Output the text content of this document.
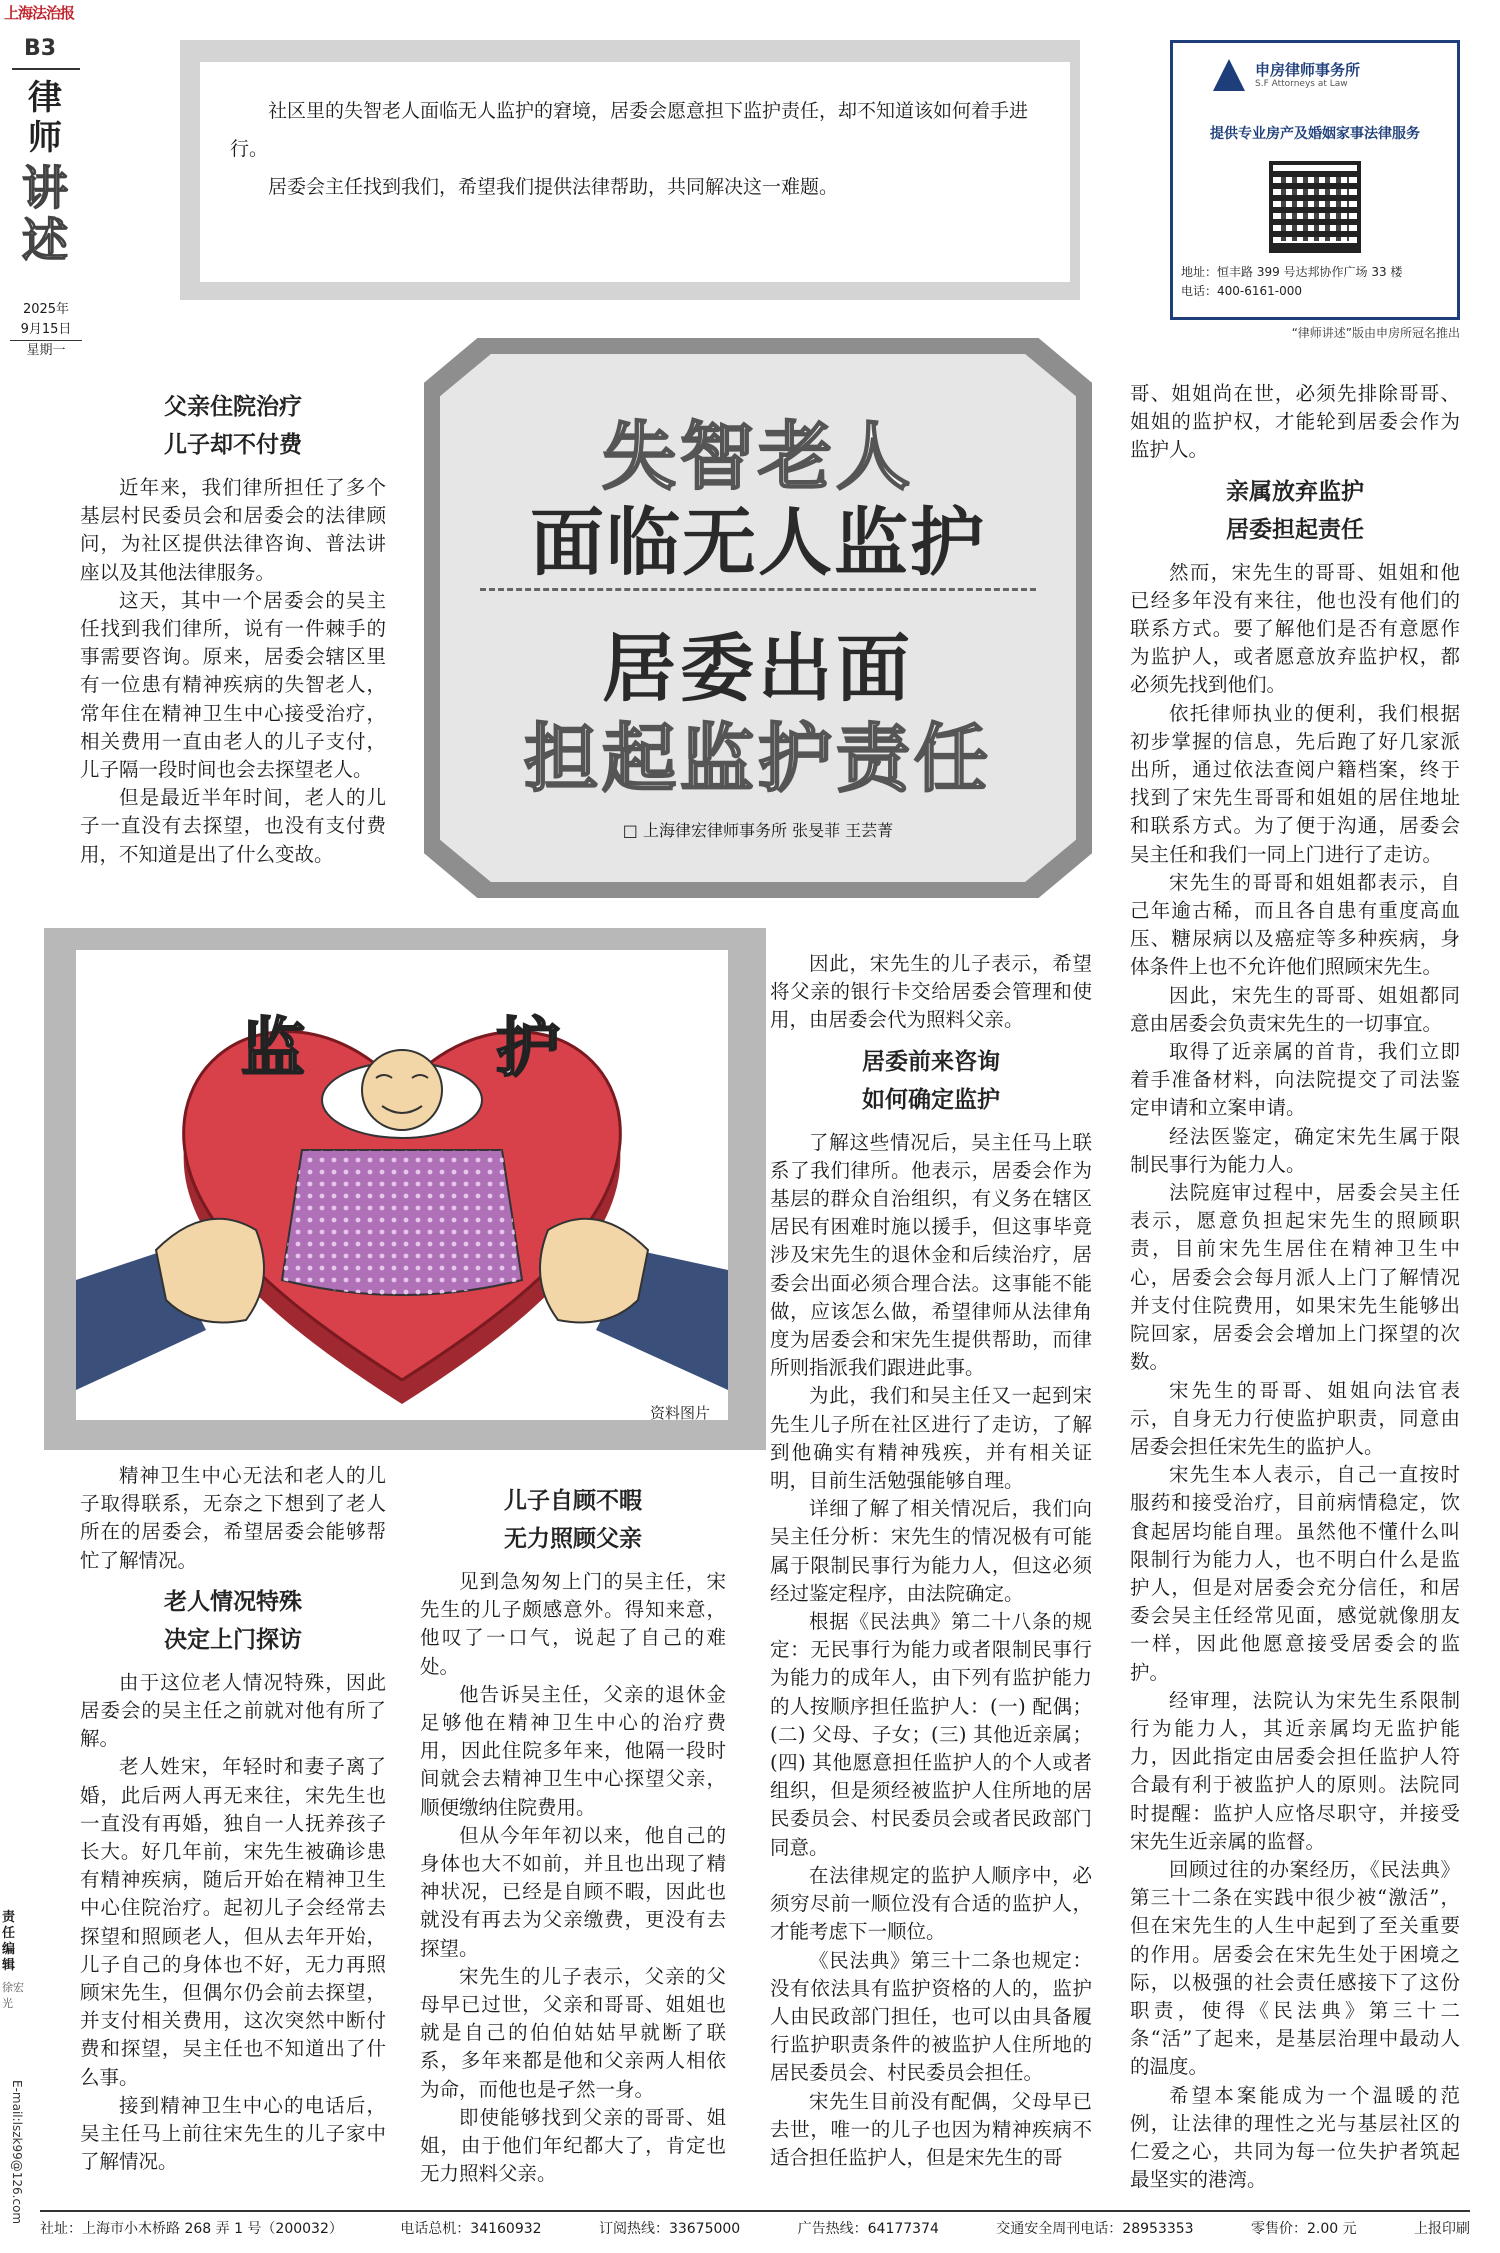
上海法治报
B3
律师
讲述
2025年
9月15日
星期一
责任编辑
徐宏光
E-mail:lszk99@126.com

社区里的失智老人面临无人监护的窘境，居委会愿意担下监护责任，却不知道该如何着手进行。

居委会主任找到我们，希望我们提供法律帮助，共同解决这一难题。

申房律师事务所
S.F Attorneys at Law
提供专业房产及婚姻家事法律服务
地址：恒丰路 399 号达邦协作广场 33 楼
电话：400-6161-000
“律师讲述”版由申房所冠名推出
失智老人
面临无人监护
居委出面
担起监护责任
□ 上海律宏律师事务所 张旻菲 王芸菁
监	护
资料图片
父亲住院治疗
儿子却不付费

近年来，我们律所担任了多个基层村民委员会和居委会的法律顾问，为社区提供法律咨询、普法讲座以及其他法律服务。

这天，其中一个居委会的吴主任找到我们律所，说有一件棘手的事需要咨询。原来，居委会辖区里有一位患有精神疾病的失智老人，常年住在精神卫生中心接受治疗，相关费用一直由老人的儿子支付，儿子隔一段时间也会去探望老人。

但是最近半年时间，老人的儿子一直没有去探望，也没有支付费用，不知道是出了什么变故。

精神卫生中心无法和老人的儿子取得联系，无奈之下想到了老人所在的居委会，希望居委会能够帮忙了解情况。

老人情况特殊
决定上门探访

由于这位老人情况特殊，因此居委会的吴主任之前就对他有所了解。

老人姓宋，年轻时和妻子离了婚，此后两人再无来往，宋先生也一直没有再婚，独自一人抚养孩子长大。好几年前，宋先生被确诊患有精神疾病，随后开始在精神卫生中心住院治疗。起初儿子会经常去探望和照顾老人，但从去年开始，儿子自己的身体也不好，无力再照顾宋先生，但偶尔仍会前去探望，并支付相关费用，这次突然中断付费和探望，吴主任也不知道出了什么事。

接到精神卫生中心的电话后，吴主任马上前往宋先生的儿子家中了解情况。

儿子自顾不暇
无力照顾父亲

见到急匆匆上门的吴主任，宋先生的儿子颇感意外。得知来意，他叹了一口气，说起了自己的难处。

他告诉吴主任，父亲的退休金足够他在精神卫生中心的治疗费用，因此住院多年来，他隔一段时间就会去精神卫生中心探望父亲，顺便缴纳住院费用。

但从今年年初以来，他自己的身体也大不如前，并且也出现了精神状况，已经是自顾不暇，因此也就没有再去为父亲缴费，更没有去探望。

宋先生的儿子表示，父亲的父母早已过世，父亲和哥哥、姐姐也就是自己的伯伯姑姑早就断了联系，多年来都是他和父亲两人相依为命，而他也是孑然一身。

即使能够找到父亲的哥哥、姐姐，由于他们年纪都大了，肯定也无力照料父亲。

因此，宋先生的儿子表示，希望将父亲的银行卡交给居委会管理和使用，由居委会代为照料父亲。

居委前来咨询
如何确定监护

了解这些情况后，吴主任马上联系了我们律所。他表示，居委会作为基层的群众自治组织，有义务在辖区居民有困难时施以援手，但这事毕竟涉及宋先生的退休金和后续治疗，居委会出面必须合理合法。这事能不能做，应该怎么做，希望律师从法律角度为居委会和宋先生提供帮助，而律所则指派我们跟进此事。

为此，我们和吴主任又一起到宋先生儿子所在社区进行了走访，了解到他确实有精神残疾，并有相关证明，目前生活勉强能够自理。

详细了解了相关情况后，我们向吴主任分析：宋先生的情况极有可能属于限制民事行为能力人，但这必须经过鉴定程序，由法院确定。

根据《民法典》第二十八条的规定：无民事行为能力或者限制民事行为能力的成年人，由下列有监护能力的人按顺序担任监护人：(一) 配偶；(二) 父母、子女；(三) 其他近亲属；(四) 其他愿意担任监护人的个人或者组织，但是须经被监护人住所地的居民委员会、村民委员会或者民政部门同意。

在法律规定的监护人顺序中，必须穷尽前一顺位没有合适的监护人，才能考虑下一顺位。

《民法典》第三十二条也规定：没有依法具有监护资格的人的，监护人由民政部门担任，也可以由具备履行监护职责条件的被监护人住所地的居民委员会、村民委员会担任。

宋先生目前没有配偶，父母早已去世，唯一的儿子也因为精神疾病不适合担任监护人，但是宋先生的哥

哥、姐姐尚在世，必须先排除哥哥、姐姐的监护权，才能轮到居委会作为监护人。

亲属放弃监护
居委担起责任

然而，宋先生的哥哥、姐姐和他已经多年没有来往，他也没有他们的联系方式。要了解他们是否有意愿作为监护人，或者愿意放弃监护权，都必须先找到他们。

依托律师执业的便利，我们根据初步掌握的信息，先后跑了好几家派出所，通过依法查阅户籍档案，终于找到了宋先生哥哥和姐姐的居住地址和联系方式。为了便于沟通，居委会吴主任和我们一同上门进行了走访。

宋先生的哥哥和姐姐都表示，自己年逾古稀，而且各自患有重度高血压、糖尿病以及癌症等多种疾病，身体条件上也不允许他们照顾宋先生。

因此，宋先生的哥哥、姐姐都同意由居委会负责宋先生的一切事宜。

取得了近亲属的首肯，我们立即着手准备材料，向法院提交了司法鉴定申请和立案申请。

经法医鉴定，确定宋先生属于限制民事行为能力人。

法院庭审过程中，居委会吴主任表示，愿意负担起宋先生的照顾职责，目前宋先生居住在精神卫生中心，居委会会每月派人上门了解情况并支付住院费用，如果宋先生能够出院回家，居委会会增加上门探望的次数。

宋先生的哥哥、姐姐向法官表示，自身无力行使监护职责，同意由居委会担任宋先生的监护人。

宋先生本人表示，自己一直按时服药和接受治疗，目前病情稳定，饮食起居均能自理。虽然他不懂什么叫限制行为能力人，也不明白什么是监护人，但是对居委会充分信任，和居委会吴主任经常见面，感觉就像朋友一样，因此他愿意接受居委会的监护。

经审理，法院认为宋先生系限制行为能力人，其近亲属均无监护能力，因此指定由居委会担任监护人符合最有利于被监护人的原则。法院同时提醒：监护人应恪尽职守，并接受宋先生近亲属的监督。

回顾过往的办案经历，《民法典》第三十二条在实践中很少被“激活”，但在宋先生的人生中起到了至关重要的作用。居委会在宋先生处于困境之际，以极强的社会责任感接下了这份职责，使得《民法典》第三十二条“活”了起来，是基层治理中最动人的温度。

希望本案能成为一个温暖的范例，让法律的理性之光与基层社区的仁爱之心，共同为每一位失护者筑起最坚实的港湾。

社址：上海市小木桥路 268 弄 1 号（200032）	电话总机：34160932	订阅热线：33675000	广告热线：64177374	交通安全周刊电话：28953353	零售价：2.00 元	上报印刷
